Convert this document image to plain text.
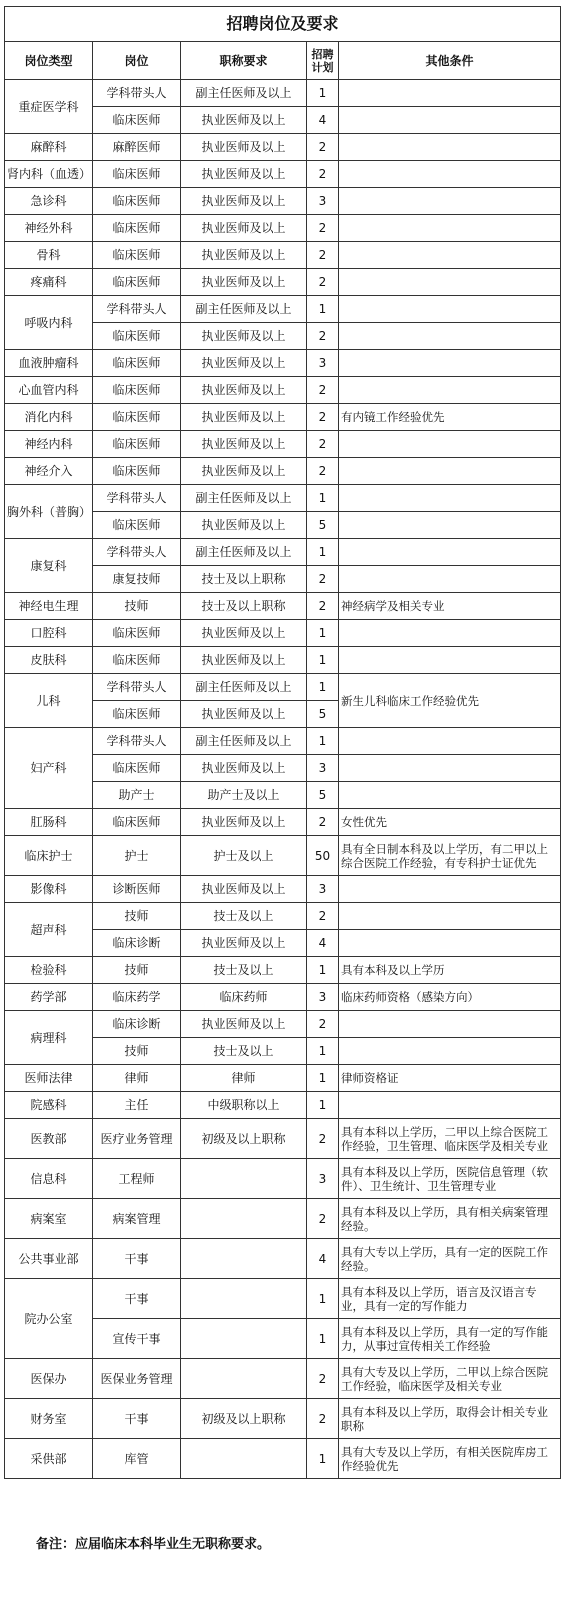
招聘岗位及要求
岗位类型	岗位	职称要求	招聘计划	其他条件
重症医学科	学科带头人	副主任医师及以上	1	
	临床医师	执业医师及以上	4	
麻醉科	麻醉医师	执业医师及以上	2	
肾内科（血透）	临床医师	执业医师及以上	2	
急诊科	临床医师	执业医师及以上	3	
神经外科	临床医师	执业医师及以上	2	
骨科	临床医师	执业医师及以上	2	
疼痛科	临床医师	执业医师及以上	2	
呼吸内科	学科带头人	副主任医师及以上	1	
	临床医师	执业医师及以上	2	
血液肿瘤科	临床医师	执业医师及以上	3	
心血管内科	临床医师	执业医师及以上	2	
消化内科	临床医师	执业医师及以上	2	有内镜工作经验优先
神经内科	临床医师	执业医师及以上	2	
神经介入	临床医师	执业医师及以上	2	
胸外科（普胸）	学科带头人	副主任医师及以上	1	
	临床医师	执业医师及以上	5	
康复科	学科带头人	副主任医师及以上	1	
	康复技师	技士及以上职称	2	
神经电生理	技师	技士及以上职称	2	神经病学及相关专业
口腔科	临床医师	执业医师及以上	1	
皮肤科	临床医师	执业医师及以上	1	
儿科	学科带头人	副主任医师及以上	1	新生儿科临床工作经验优先
	临床医师	执业医师及以上	5	
妇产科	学科带头人	副主任医师及以上	1	
	临床医师	执业医师及以上	3	
	助产士	助产士及以上	5	
肛肠科	临床医师	执业医师及以上	2	女性优先
临床护士	护士	护士及以上	50	具有全日制本科及以上学历，有二甲以上综合医院工作经验，有专科护士证优先
影像科	诊断医师	执业医师及以上	3	
超声科	技师	技士及以上	2	
	临床诊断	执业医师及以上	4	
检验科	技师	技士及以上	1	具有本科及以上学历
药学部	临床药学	临床药师	3	临床药师资格（感染方向）
病理科	临床诊断	执业医师及以上	2	
	技师	技士及以上	1	
医师法律	律师	律师	1	律师资格证
院感科	主任	中级职称以上	1	
医教部	医疗业务管理	初级及以上职称	2	具有本科以上学历，二甲以上综合医院工作经验，卫生管理、临床医学及相关专业
信息科	工程师		3	具有本科及以上学历，医院信息管理（软件）、卫生统计、卫生管理专业
病案室	病案管理		2	具有本科及以上学历，具有相关病案管理经验。
公共事业部	干事		4	具有大专以上学历，具有一定的医院工作经验。
院办公室	干事		1	具有本科及以上学历，语言及汉语言专业，具有一定的写作能力
	宣传干事		1	具有本科及以上学历，具有一定的写作能力，从事过宣传相关工作经验
医保办	医保业务管理		2	具有大专及以上学历，二甲以上综合医院工作经验，临床医学及相关专业
财务室	干事	初级及以上职称	2	具有本科及以上学历，取得会计相关专业职称
采供部	库管		1	具有大专及以上学历，有相关医院库房工作经验优先
备注：应届临床本科毕业生无职称要求。
